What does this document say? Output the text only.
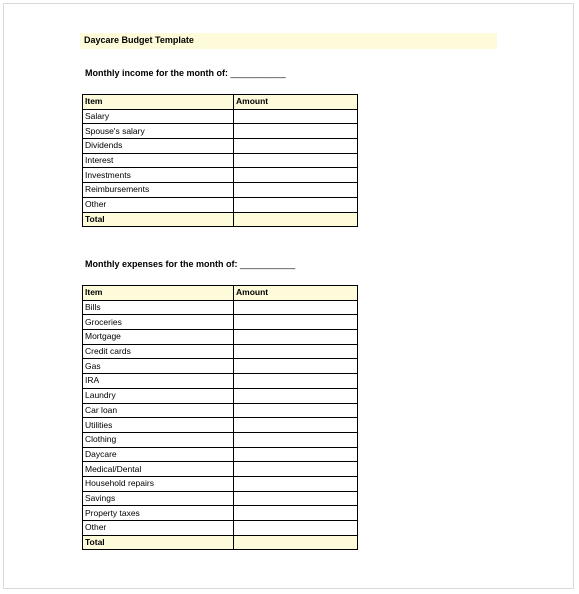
Daycare Budget Template
Monthly income for the month of: ___________
Item	Amount
Salary	
Spouse's salary	
Dividends	
Interest	
Investments	
Reimbursements	
Other	
Total	
Monthly expenses for the month of: ___________
Item	Amount
Bills	
Groceries	
Mortgage	
Credit cards	
Gas	
IRA	
Laundry	
Car loan	
Utilities	
Clothing	
Daycare	
Medical/Dental	
Household repairs	
Savings	
Property taxes	
Other	
Total	
